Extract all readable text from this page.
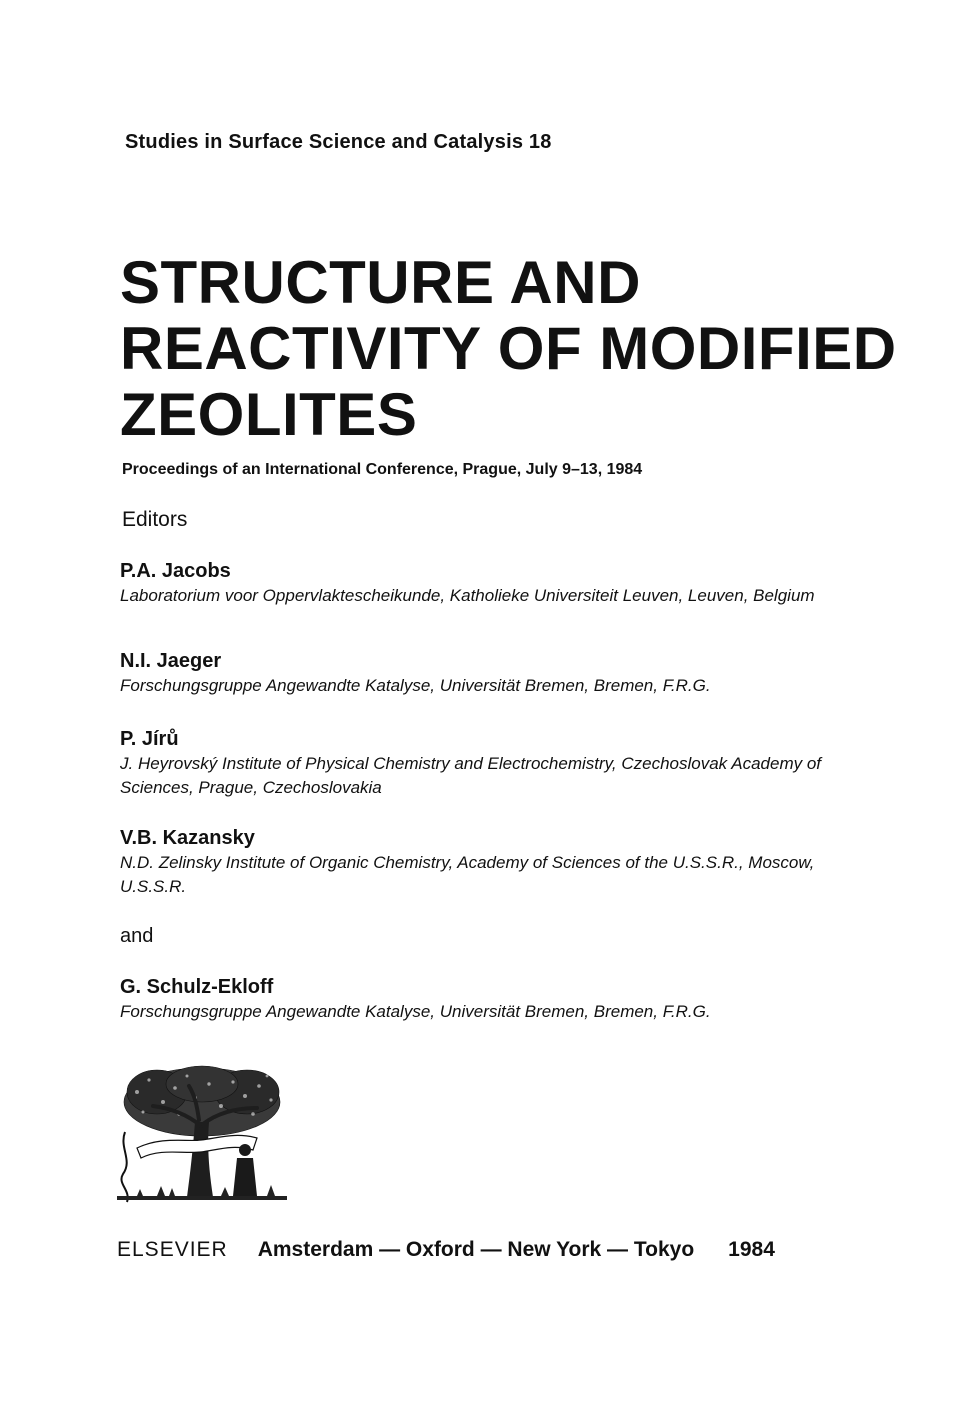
Studies in Surface Science and Catalysis 18
STRUCTURE AND
REACTIVITY OF MODIFIED
ZEOLITES
Proceedings of an International Conference, Prague, July 9–13, 1984
Editors
P.A. Jacobs
Laboratorium voor Oppervlaktescheikunde, Katholieke Universiteit Leuven, Leuven, Belgium
N.I. Jaeger
Forschungsgruppe Angewandte Katalyse, Universität Bremen, Bremen, F.R.G.
P. Jírů
J. Heyrovský Institute of Physical Chemistry and Electrochemistry, Czechoslovak Academy of Sciences, Prague, Czechoslovakia
V.B. Kazansky
N.D. Zelinsky Institute of Organic Chemistry, Academy of Sciences of the U.S.S.R., Moscow, U.S.S.R.
and
G. Schulz-Ekloff
Forschungsgruppe Angewandte Katalyse, Universität Bremen, Bremen, F.R.G.
ELSEVIER Amsterdam — Oxford — New York — Tokyo 1984
